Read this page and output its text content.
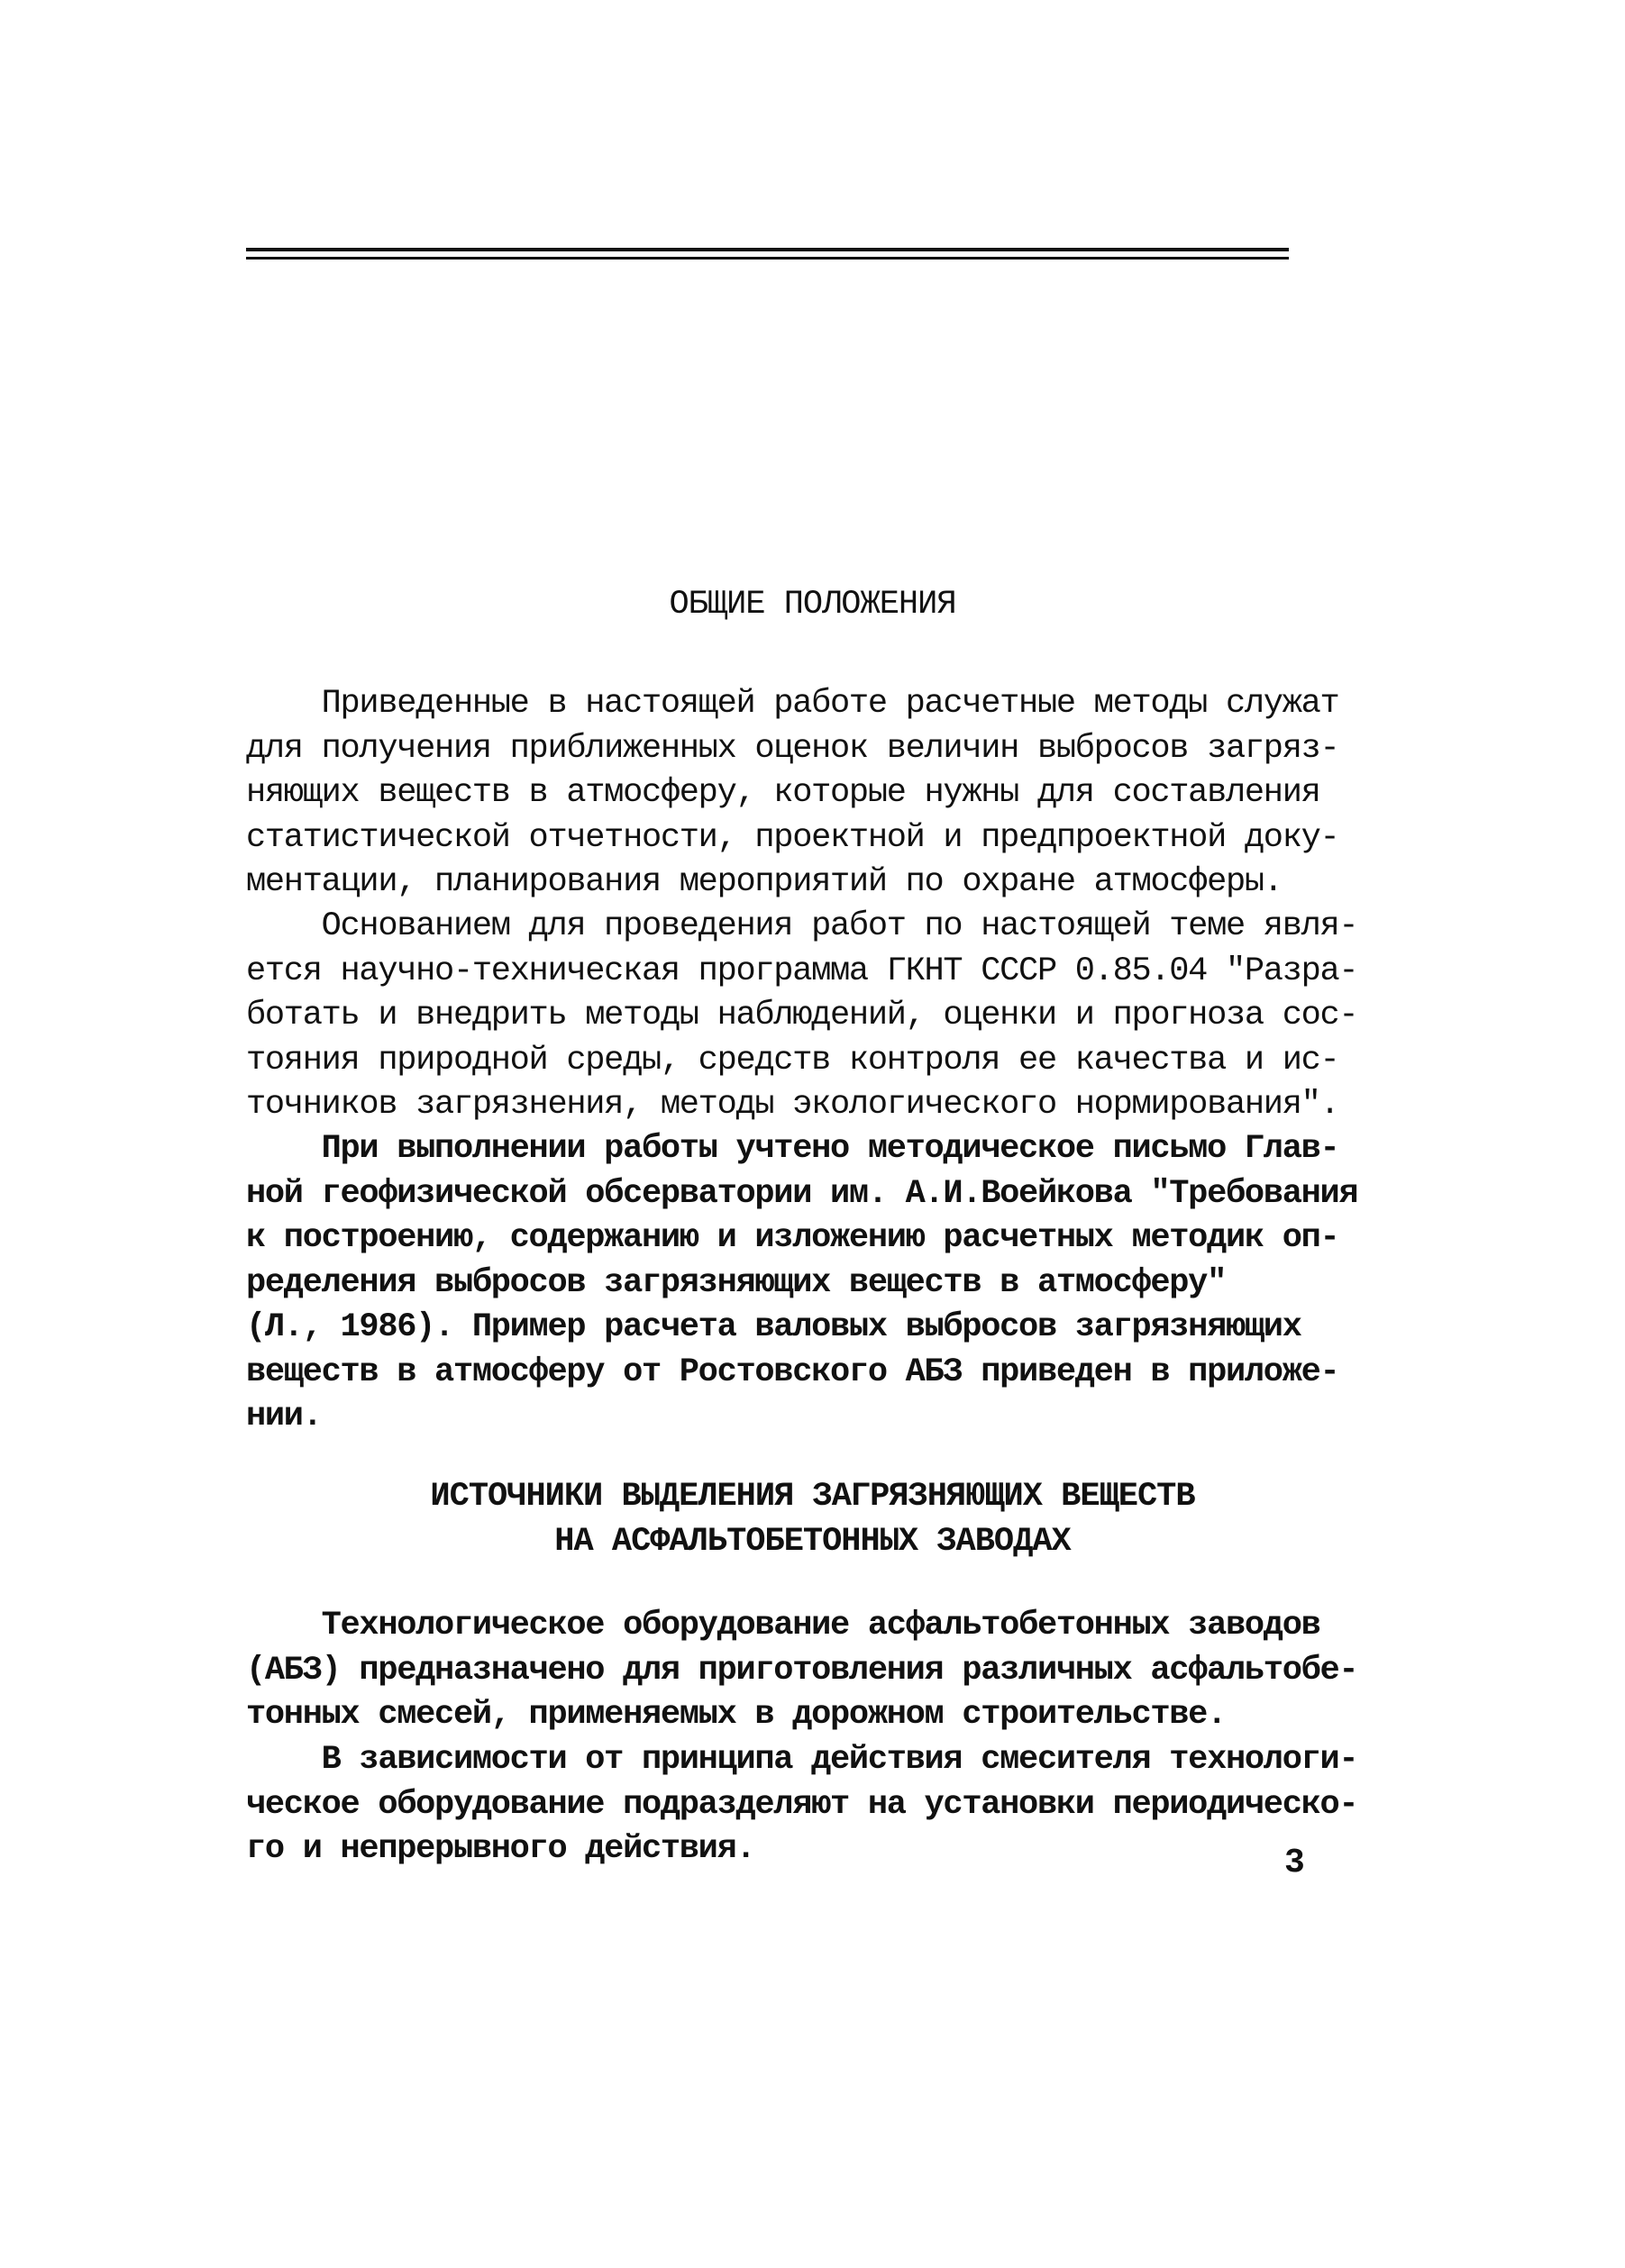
ОБЩИЕ ПОЛОЖЕНИЯ
Приведенные в настоящей работе расчетные методы служат
для получения приближенных оценок величин выбросов загряз-
няющих веществ в атмосферу, которые нужны для составления
статистической отчетности, проектной и предпроектной доку-
ментации, планирования мероприятий по охране атмосферы.
Основанием для проведения работ по настоящей теме явля-
ется научно-техническая программа ГКНТ СССР 0.85.04 "Разра-
ботать и внедрить методы наблюдений, оценки и прогноза сос-
тояния природной среды, средств контроля ее качества и ис-
точников загрязнения, методы экологического нормирования".
При выполнении работы учтено методическое письмо Глав-
ной геофизической обсерватории им. А.И.Воейкова "Требования
к построению, содержанию и изложению расчетных методик оп-
ределения выбросов загрязняющих веществ в атмосферу"
(Л., 1986). Пример расчета валовых выбросов загрязняющих
веществ в атмосферу от Ростовского АБЗ приведен в приложе-
нии.
ИСТОЧНИКИ ВЫДЕЛЕНИЯ ЗАГРЯЗНЯЮЩИХ ВЕЩЕСТВ
НА АСФАЛЬТОБЕТОННЫХ ЗАВОДАХ
Технологическое оборудование асфальтобетонных заводов
(АБЗ) предназначено для приготовления различных асфальтобе-
тонных смесей, применяемых в дорожном строительстве.
В зависимости от принципа действия смесителя технологи-
ческое оборудование подразделяют на установки периодическо-
го и непрерывного действия.	3
